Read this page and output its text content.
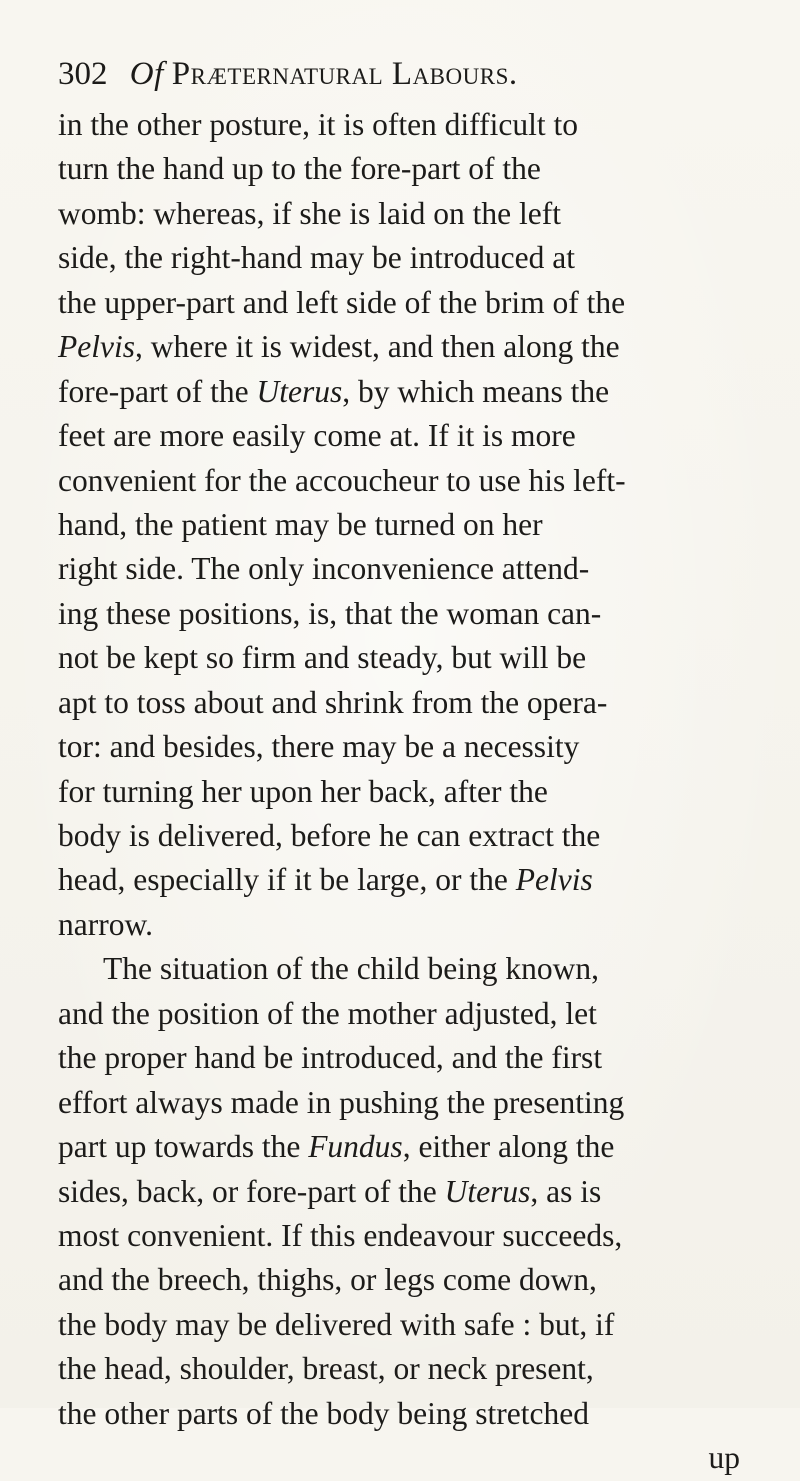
302 Of Præternatural Labours.
in the other posture, it is often difficult to
turn the hand up to the fore-part of the
womb: whereas, if she is laid on the left
side, the right-hand may be introduced at
the upper-part and left side of the brim of the
Pelvis, where it is widest, and then along the
fore-part of the Uterus, by which means the
feet are more easily come at. If it is more
convenient for the accoucheur to use his left-
hand, the patient may be turned on her
right side. The only inconvenience attend-
ing these positions, is, that the woman can-
not be kept so firm and steady, but will be
apt to toss about and shrink from the opera-
tor: and besides, there may be a necessity
for turning her upon her back, after the
body is delivered, before he can extract the
head, especially if it be large, or the Pelvis
narrow.
The situation of the child being known,
and the position of the mother adjusted, let
the proper hand be introduced, and the first
effort always made in pushing the presenting
part up towards the Fundus, either along the
sides, back, or fore-part of the Uterus, as is
most convenient. If this endeavour succeeds,
and the breech, thighs, or legs come down,
the body may be delivered with safe : but, if
the head, shoulder, breast, or neck present,
the other parts of the body being stretched
up
